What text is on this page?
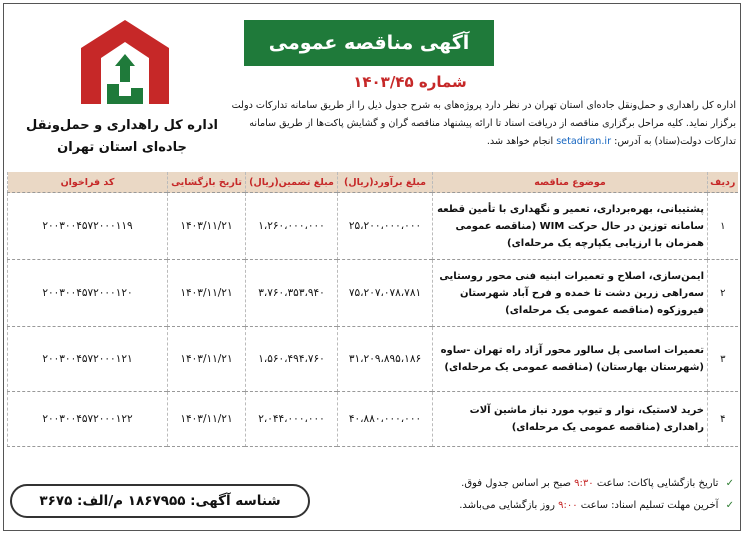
آگهی مناقصه عمومی
شماره ۱۴۰۳/۴۵
اداره کل راهداری و حمل‌ونقل
جاده‌ای استان تهران
اداره کل راهداری و حمل‌ونقل جاده‌ای استان تهران در نظر دارد پروژه‌های به شرح جدول ذیل را از طریق سامانه تدارکات دولت برگزار نماید. کلیه مراحل برگزاری مناقصه از دریافت اسناد تا ارائه پیشنهاد مناقصه گران و گشایش پاکت‌ها از طریق سامانه تدارکات دولت(ستاد) به آدرس: setadiran.ir انجام خواهد شد.
ردیف	موضوع مناقصه	مبلغ برآورد(ریال)	مبلغ تضمین(ریال)	تاریخ بازگشایی	کد فراخوان
۱	پشتیبانی، بهره‌برداری، تعمیر و نگهداری با تأمین قطعه سامانه توزین در حال حرکت WIM (مناقصه عمومی همزمان با ارزیابی یکپارچه یک مرحله‌ای)	۲۵،۲۰۰،۰۰۰،۰۰۰	۱،۲۶۰،۰۰۰،۰۰۰	۱۴۰۳/۱۱/۲۱	۲۰۰۳۰۰۴۵۷۲۰۰۰۱۱۹
۲	ایمن‌سازی، اصلاح و تعمیرات ابنیه فنی محور روستایی سه‌راهی زرین دشت تا خمده و فرح آباد شهرستان فیروزکوه (مناقصه عمومی یک مرحله‌ای)	۷۵،۲۰۷،۰۷۸،۷۸۱	۳،۷۶۰،۳۵۳،۹۴۰	۱۴۰۳/۱۱/۲۱	۲۰۰۳۰۰۴۵۷۲۰۰۰۱۲۰
۳	تعمیرات اساسی پل سالور محور آزاد راه تهران -ساوه (شهرستان بهارستان) (مناقصه عمومی یک مرحله‌ای)	۳۱،۲۰۹،۸۹۵،۱۸۶	۱،۵۶۰،۴۹۴،۷۶۰	۱۴۰۳/۱۱/۲۱	۲۰۰۳۰۰۴۵۷۲۰۰۰۱۲۱
۴	خرید لاستیک، نوار و تیوپ مورد نیاز ماشین آلات راهداری (مناقصه عمومی یک مرحله‌ای)	۴۰،۸۸۰،۰۰۰،۰۰۰	۲،۰۴۴،۰۰۰،۰۰۰	۱۴۰۳/۱۱/۲۱	۲۰۰۳۰۰۴۵۷۲۰۰۰۱۲۲
✓ تاریخ بازگشایی پاکات: ساعت ۹:۳۰ صبح بر اساس جدول فوق.
✓ آخرین مهلت تسلیم اسناد: ساعت ۹:۰۰ روز بازگشایی می‌باشد.
شناسه آگهی: ۱۸۶۷۹۵۵ م/الف: ۳۶۷۵
